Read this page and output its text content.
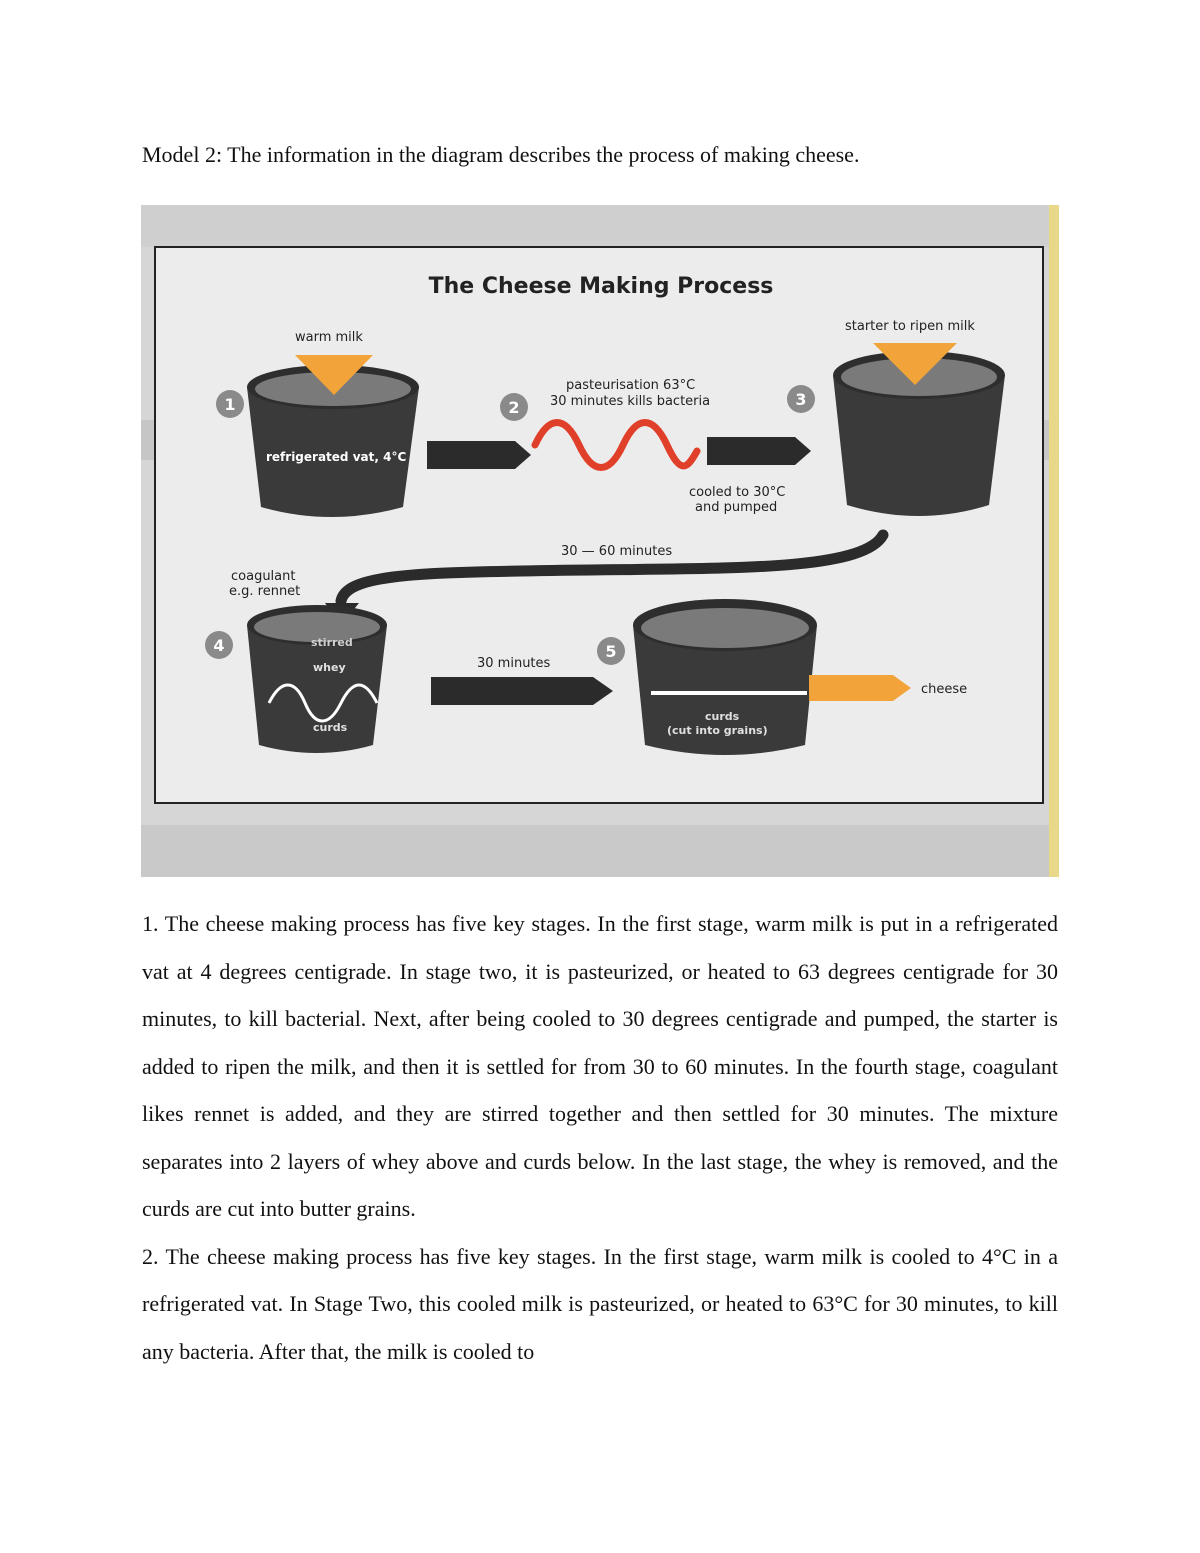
Model 2: The information in the diagram describes the process of making cheese.
The Cheese Making Process
warm milk
refrigerated vat, 4°C
1	2
pasteurisation 63°C
30 minutes kills bacteria
cooled to 30°C
and pumped
starter to ripen milk
3
30 — 60 minutes
coagulant
e.g. rennet
stirred
whey
curds
4
30 minutes
curds
(cut into grains)
5
cheese

1. The cheese making process has five key stages. In the first stage, warm milk is put in a refrigerated vat at 4 degrees centigrade. In stage two, it is pasteurized, or heated to 63 degrees centigrade for 30 minutes, to kill bacterial. Next, after being cooled to 30 degrees centigrade and pumped, the starter is added to ripen the milk, and then it is settled for from 30 to 60 minutes. In the fourth stage, coagulant likes rennet is added, and they are stirred together and then settled for 30 minutes. The mixture separates into 2 layers of whey above and curds below. In the last stage, the whey is removed, and the curds are cut into butter grains.

2. The cheese making process has five key stages. In the first stage, warm milk is cooled to 4°C in a refrigerated vat. In Stage Two, this cooled milk is pasteurized, or heated to 63°C for 30 minutes, to kill any bacteria. After that, the milk is cooled to
